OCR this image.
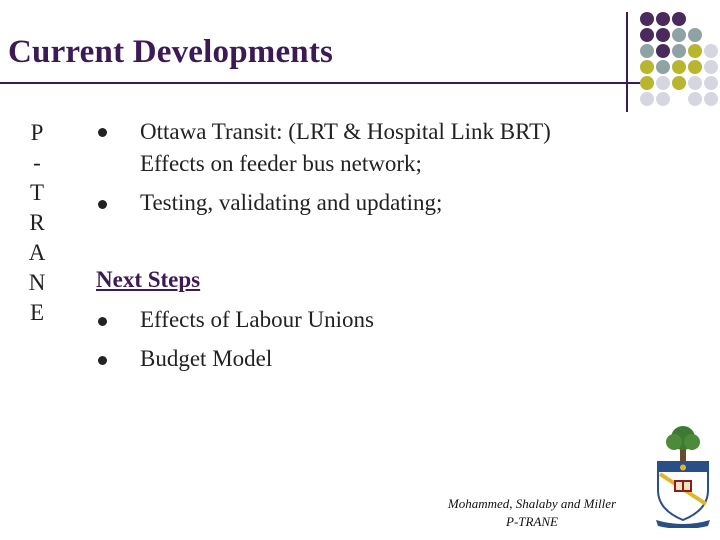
Current Developments
P
-
T
R
A
N
E
Ottawa Transit: (LRT & Hospital Link BRT)
Effects on feeder bus network;
Testing, validating and updating;
Next Steps
Effects of Labour Unions
Budget Model
Mohammed, Shalaby and Miller
P-TRANE
